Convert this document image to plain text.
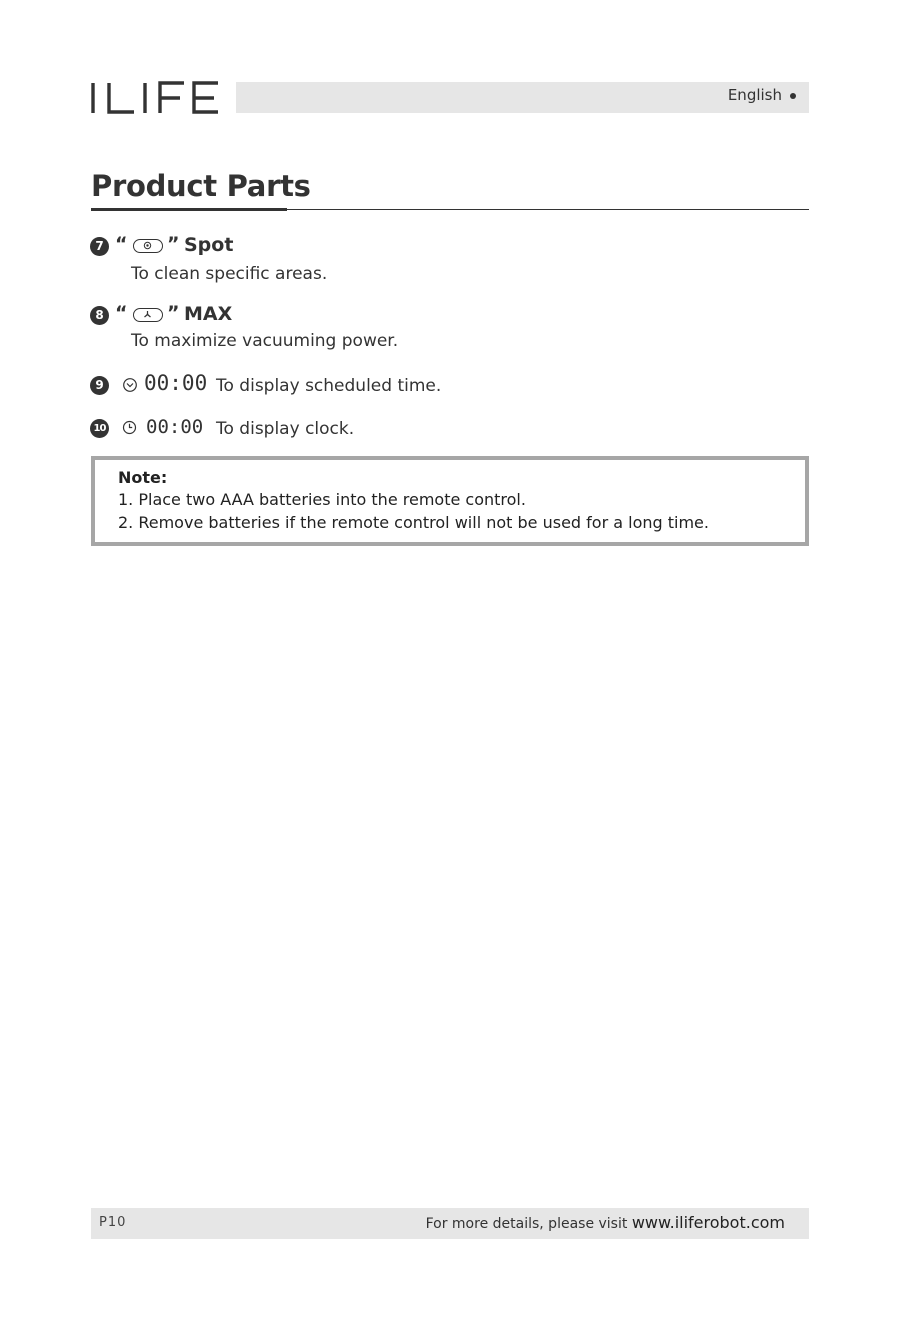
English
Product Parts
7 “ ” Spot
To clean specific areas.
8 “ ” MAX
To maximize vacuuming power.
9 00:00 To display scheduled time.
10 00:00 To display clock.
Note:
1. Place two AAA batteries into the remote control.
2. Remove batteries if the remote control will not be used for a long time.
P10	For more details, please visit www.iliferobot.com
